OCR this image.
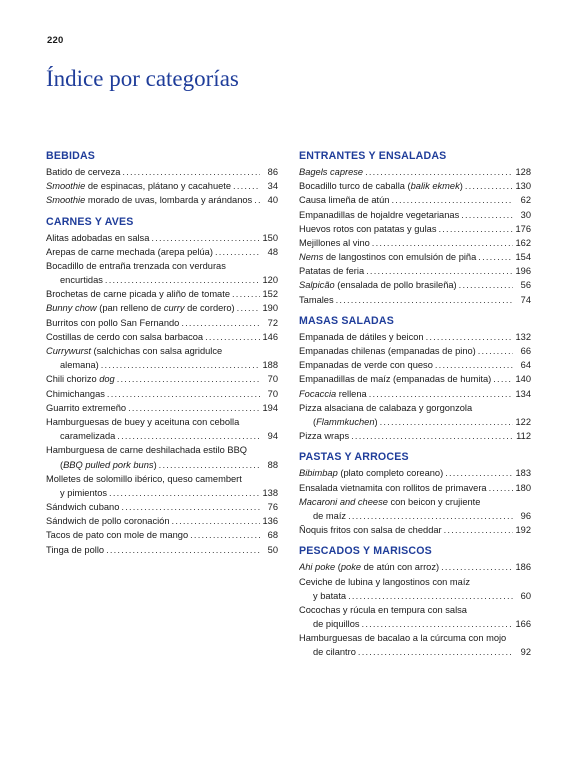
220
Índice por categorías
BEBIDAS
Batido de cerveza .....	86
Smoothie de espinacas, plátano y cacahuete .....	34
Smoothie morado de uvas, lombarda y arándanos .....	40
CARNES Y AVES
Alitas adobadas en salsa .....	150
Arepas de carne mechada (arepa pelúa) .....	48
Bocadillo de entraña trenzada con verduras
encurtidas .....	120
Brochetas de carne picada y aliño de tomate .....	152
Bunny chow (pan relleno de curry de cordero) .....	190
Burritos con pollo San Fernando .....	72
Costillas de cerdo con salsa barbacoa .....	146
Currywurst (salchichas con salsa agridulce
alemana) .....	188
Chili chorizo dog .....	70
Chimichangas .....	70
Guarrito extremeño .....	194
Hamburguesas de buey y aceituna con cebolla
caramelizada .....	94
Hamburguesa de carne deshilachada estilo BBQ
(BBQ pulled pork buns) .....	88
Molletes de solomillo ibérico, queso camembert
y pimientos .....	138
Sándwich cubano .....	76
Sándwich de pollo coronación .....	136
Tacos de pato con mole de mango .....	68
Tinga de pollo .....	50
ENTRANTES Y ENSALADAS
Bagels caprese .....	128
Bocadillo turco de caballa (balik ekmek) .....	130
Causa limeña de atún .....	62
Empanadillas de hojaldre vegetarianas .....	30
Huevos rotos con patatas y gulas .....	176
Mejillones al vino .....	162
Nems de langostinos con emulsión de piña .....	154
Patatas de feria .....	196
Salpicão (ensalada de pollo brasileña) .....	56
Tamales .....	74
MASAS SALADAS
Empanada de dátiles y beicon .....	132
Empanadas chilenas (empanadas de pino) .....	66
Empanadas de verde con queso .....	64
Empanadillas de maíz (empanadas de humita) .....	140
Focaccia rellena .....	134
Pizza alsaciana de calabaza y gorgonzola
(Flammkuchen) .....	122
Pizza wraps .....	112
PASTAS Y ARROCES
Bibimbap (plato completo coreano) .....	183
Ensalada vietnamita con rollitos de primavera .....	180
Macaroni and cheese con beicon y crujiente
de maíz .....	96
Ñoquis fritos con salsa de cheddar .....	192
PESCADOS Y MARISCOS
Ahi poke (poke de atún con arroz) .....	186
Ceviche de lubina y langostinos con maíz
y batata .....	60
Cocochas y rúcula en tempura con salsa
de piquillos .....	166
Hamburguesas de bacalao a la cúrcuma con mojo
de cilantro .....	92
